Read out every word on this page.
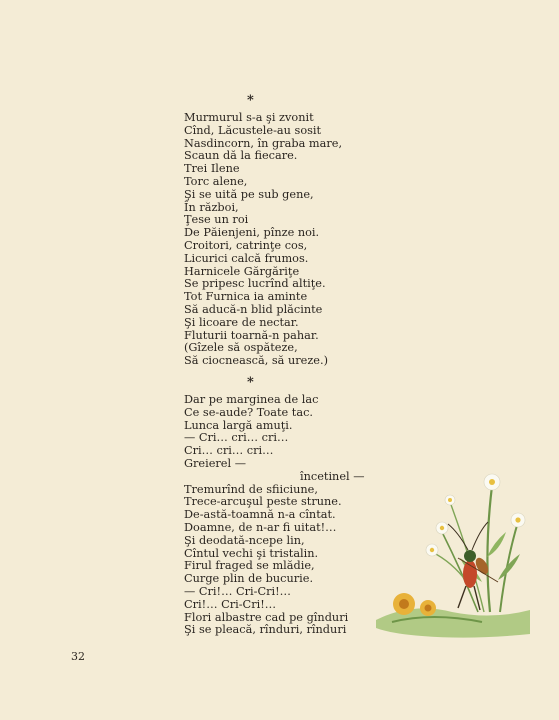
*
Murmurul s-a şi zvonit
Cînd, Lăcustele-au sosit
Nasdincorn, în graba mare,
Scaun dă la fiecare.
Trei Ilene
Torc alene,
Şi se uită pe sub gene,
În război,
Ţese un roi
De Păienjeni, pînze noi.
Croitori, catrinţe cos,
Licurici calcă frumos.
Harnicele Gărgăriţe
Se pripesc lucrînd altiţe.
Tot Furnica ia aminte
Să aducă-n blid plăcinte
Şi licoare de nectar.
Fluturii toarnă-n pahar.
(Gîzele să ospăteze,
Să ciocnească, să ureze.)
*
Dar pe marginea de lac
Ce se-aude? Toate tac.
Lunca largă amuţi.
— Cri… cri… cri…
Cri… cri… cri…
Greierel —
încetinel —
Tremurînd de sfiiciune,
Trece-arcuşul peste strune.
De-astă-toamnă n-a cîntat.
Doamne, de n-ar fi uitat!…
Şi deodată-ncepe lin,
Cîntul vechi şi tristalin.
Firul fraged se mlădie,
Curge plin de bucurie.
— Cri!… Cri-Cri!…
Cri!… Cri-Cri!…
Flori albastre cad pe gînduri
Şi se pleacă, rînduri, rînduri
32
